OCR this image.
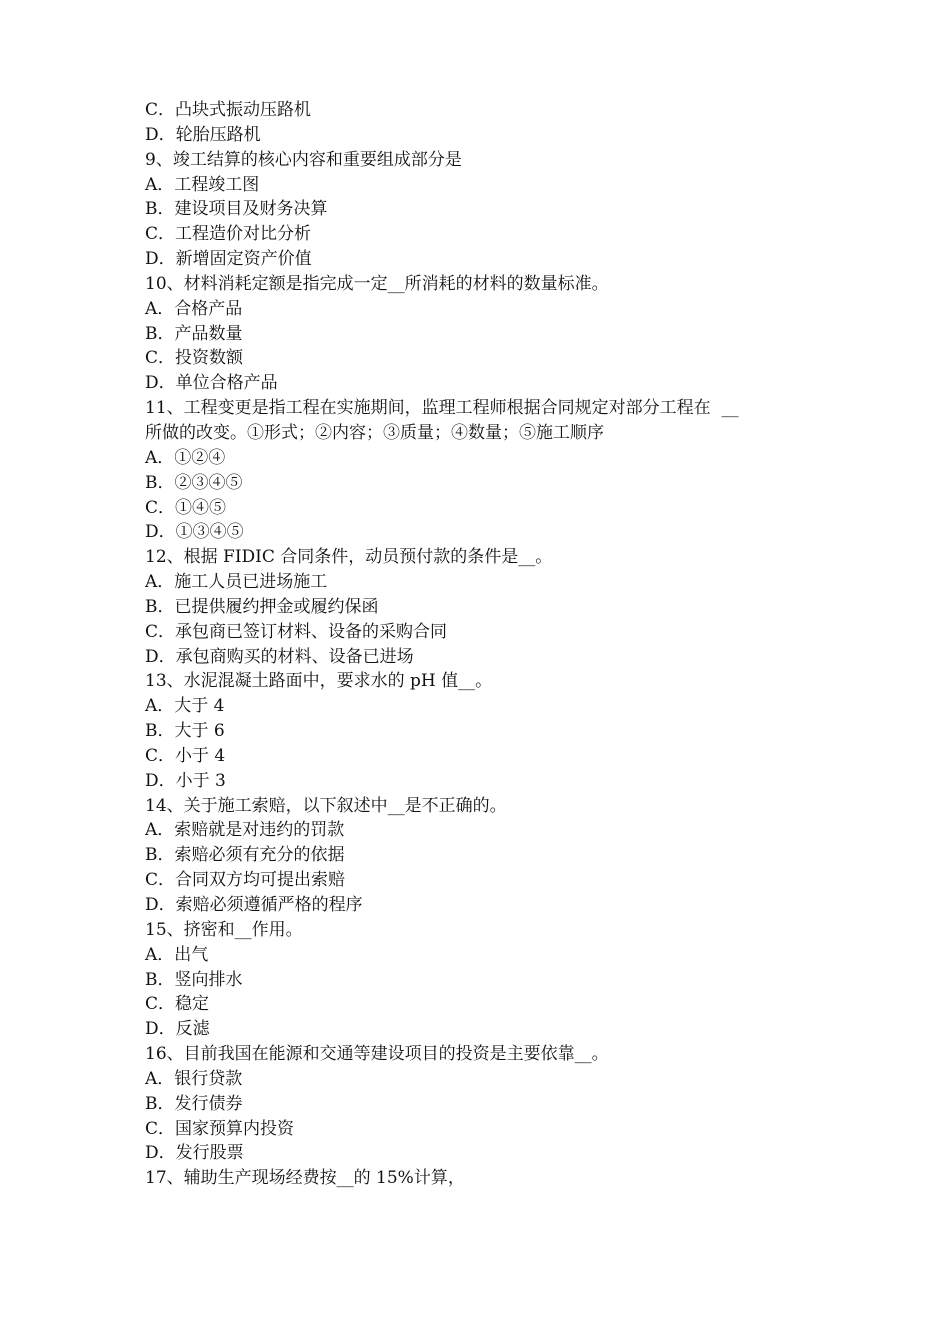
C．凸块式振动压路机
D．轮胎压路机
9、竣工结算的核心内容和重要组成部分是
A．工程竣工图
B．建设项目及财务决算
C．工程造价对比分析
D．新增固定资产价值
10、材料消耗定额是指完成一定__所消耗的材料的数量标准。
A．合格产品
B．产品数量
C．投资数额
D．单位合格产品
11、工程变更是指工程在实施期间，监理工程师根据合同规定对部分工程在  __
所做的改变。①形式；②内容；③质量；④数量；⑤施工顺序
A．①②④
B．②③④⑤
C．①④⑤
D．①③④⑤
12、根据 FIDIC 合同条件，动员预付款的条件是__。
A．施工人员已进场施工
B．已提供履约押金或履约保函
C．承包商已签订材料、设备的采购合同
D．承包商购买的材料、设备已进场
13、水泥混凝土路面中，要求水的 pH 值__。
A．大于 4
B．大于 6
C．小于 4
D．小于 3
14、关于施工索赔，以下叙述中__是不正确的。
A．索赔就是对违约的罚款
B．索赔必须有充分的依据
C．合同双方均可提出索赔
D．索赔必须遵循严格的程序
15、挤密和__作用。
A．出气
B．竖向排水
C．稳定
D．反滤
16、目前我国在能源和交通等建设项目的投资是主要依靠__。
A．银行贷款
B．发行债券
C．国家预算内投资
D．发行股票
17、辅助生产现场经费按__的 15%计算，
